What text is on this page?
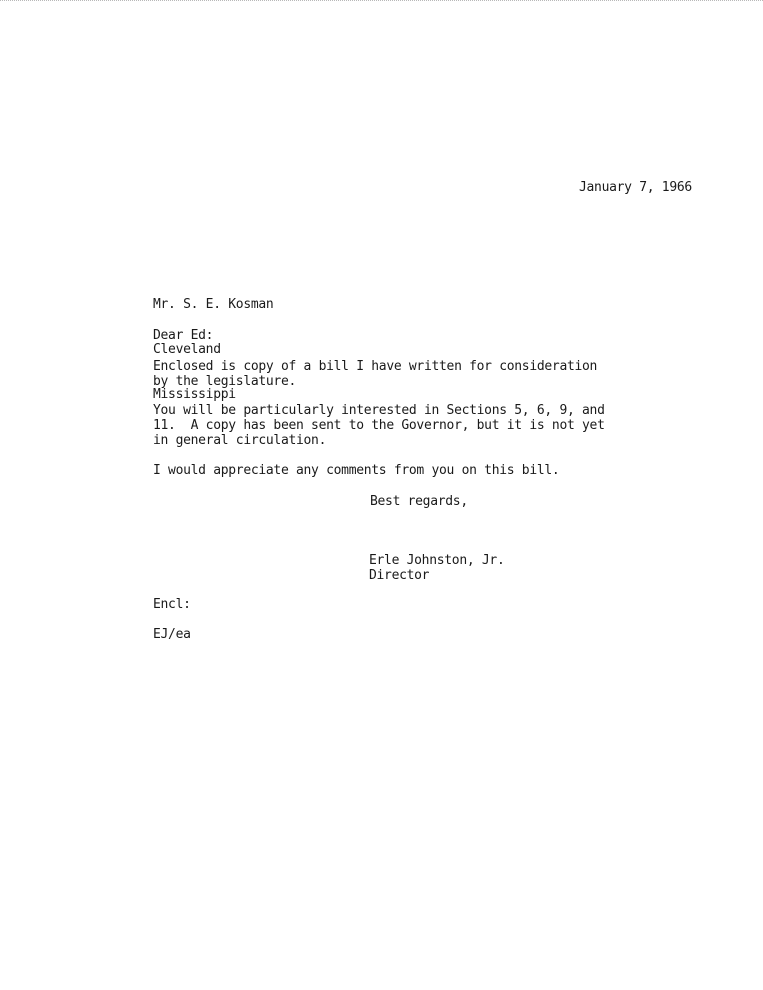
January 7, 1966

Mr. S. E. Kosman

Cleveland

Mississippi

Dear Ed:
Enclosed is copy of a bill I have written for consideration
by the legislature.
You will be particularly interested in Sections 5, 6, 9, and
11.  A copy has been sent to the Governor, but it is not yet
in general circulation.
I would appreciate any comments from you on this bill.
Best regards,
Erle Johnston, Jr.
Director
Encl:
EJ/ea
